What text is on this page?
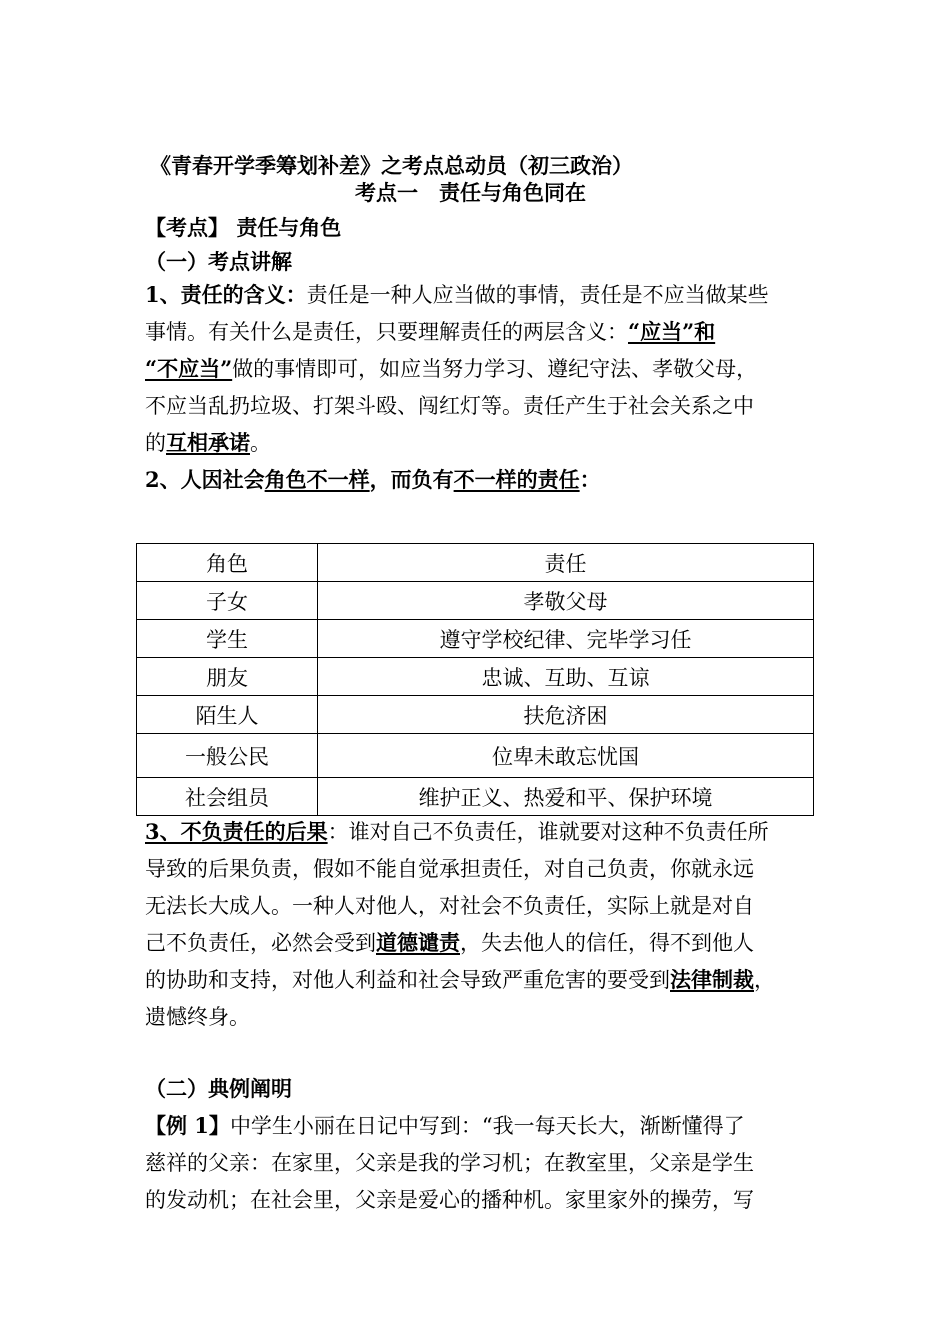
《青春开学季筹划补差》之考点总动员（初三政治）
考点一　责任与角色同在
【考点】 责任与角色
（一）考点讲解
1、责任的含义：责任是一种人应当做的事情，责任是不应当做某些
事情。有关什么是责任，只要理解责任的两层含义：“应当”和
“不应当”做的事情即可，如应当努力学习、遵纪守法、孝敬父母，
不应当乱扔垃圾、打架斗殴、闯红灯等。责任产生于社会关系之中
的互相承诺。
2、人因社会角色不一样，而负有不一样的责任：
角色	责任
子女	孝敬父母
学生	遵守学校纪律、完毕学习任
朋友	忠诚、互助、互谅
陌生人	扶危济困
一般公民	位卑未敢忘忧国
社会组员	维护正义、热爱和平、保护环境
3、不负责任的后果：谁对自己不负责任，谁就要对这种不负责任所
导致的后果负责，假如不能自觉承担责任，对自己负责，你就永远
无法长大成人。一种人对他人，对社会不负责任，实际上就是对自
己不负责任，必然会受到道德谴责，失去他人的信任，得不到他人
的协助和支持，对他人利益和社会导致严重危害的要受到法律制裁，
遗憾终身。
（二）典例阐明
【例 1】中学生小丽在日记中写到：“我一每天长大，渐断懂得了
慈祥的父亲：在家里，父亲是我的学习机；在教室里，父亲是学生
的发动机；在社会里，父亲是爱心的播种机。家里家外的操劳，写
